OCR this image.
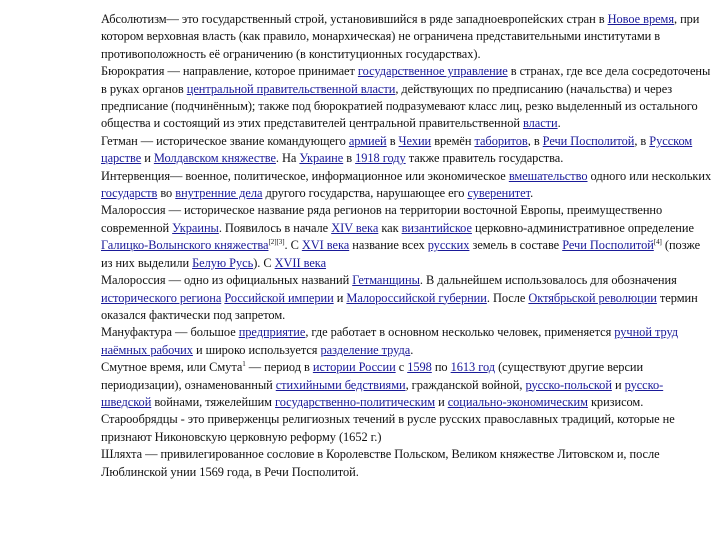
Абсолютизм— это государственный строй, установившийся в ряде западноевропейских стран в Новое время, при котором верховная власть (как правило, монархическая) не ограничена представительными институтами в противоположность её ограничению (в конституционных государствах).

Бюрократия — направление, которое принимает государственное управление в странах, где все дела сосредоточены в руках органов центральной правительственной власти, действующих по предписанию (начальства) и через предписание (подчинённым); также под бюрократией подразумевают класс лиц, резко выделенный из остального общества и состоящий из этих представителей центральной правительственной власти.

Гетман — историческое звание командующего армией в Чехии времён таборитов, в Речи Посполитой, в Русском царстве и Молдавском княжестве. На Украине в 1918 году также правитель государства.

Интервенция— военное, политическое, информационное или экономическое вмешательство одного или нескольких государств во внутренние дела другого государства, нарушающее его суверенитет.

Малороссия — историческое название ряда регионов на территории восточной Европы, преимущественно современной Украины. Появилось в начале XIV века как византийское церковно-административное определение Галицко-Волынского княжества[2][3]. С XVI века название всех русских земель в составе Речи Посполитой[4] (позже из них выделили Белую Русь). С XVII века

Малороссия — одно из официальных названий Гетманщины. В дальнейшем использовалось для обозначения исторического региона Российской империи и Малороссийской губернии. После Октябрьской революции термин оказался фактически под запретом.

Мануфактура — большое предприятие, где работает в основном несколько человек, применяется ручной труд наёмных рабочих и широко используется разделение труда.

Смутное время, или Смута$^1$ — период в истории России с 1598 по 1613 год (существуют другие версии периодизации), ознаменованный стихийными бедствиями, гражданской войной, русско-польской и русско-шведской войнами, тяжелейшим государственно-политическим и социально-экономическим кризисом.

Старообрядцы - это приверженцы религиозных течений в русле русских православных традиций, которые не признают Никоновскую церковную реформу (1652 г.)

Шляхта — привилегированное сословие в Королевстве Польском, Великом княжестве Литовском и, после Люблинской унии 1569 года, в Речи Посполитой.
